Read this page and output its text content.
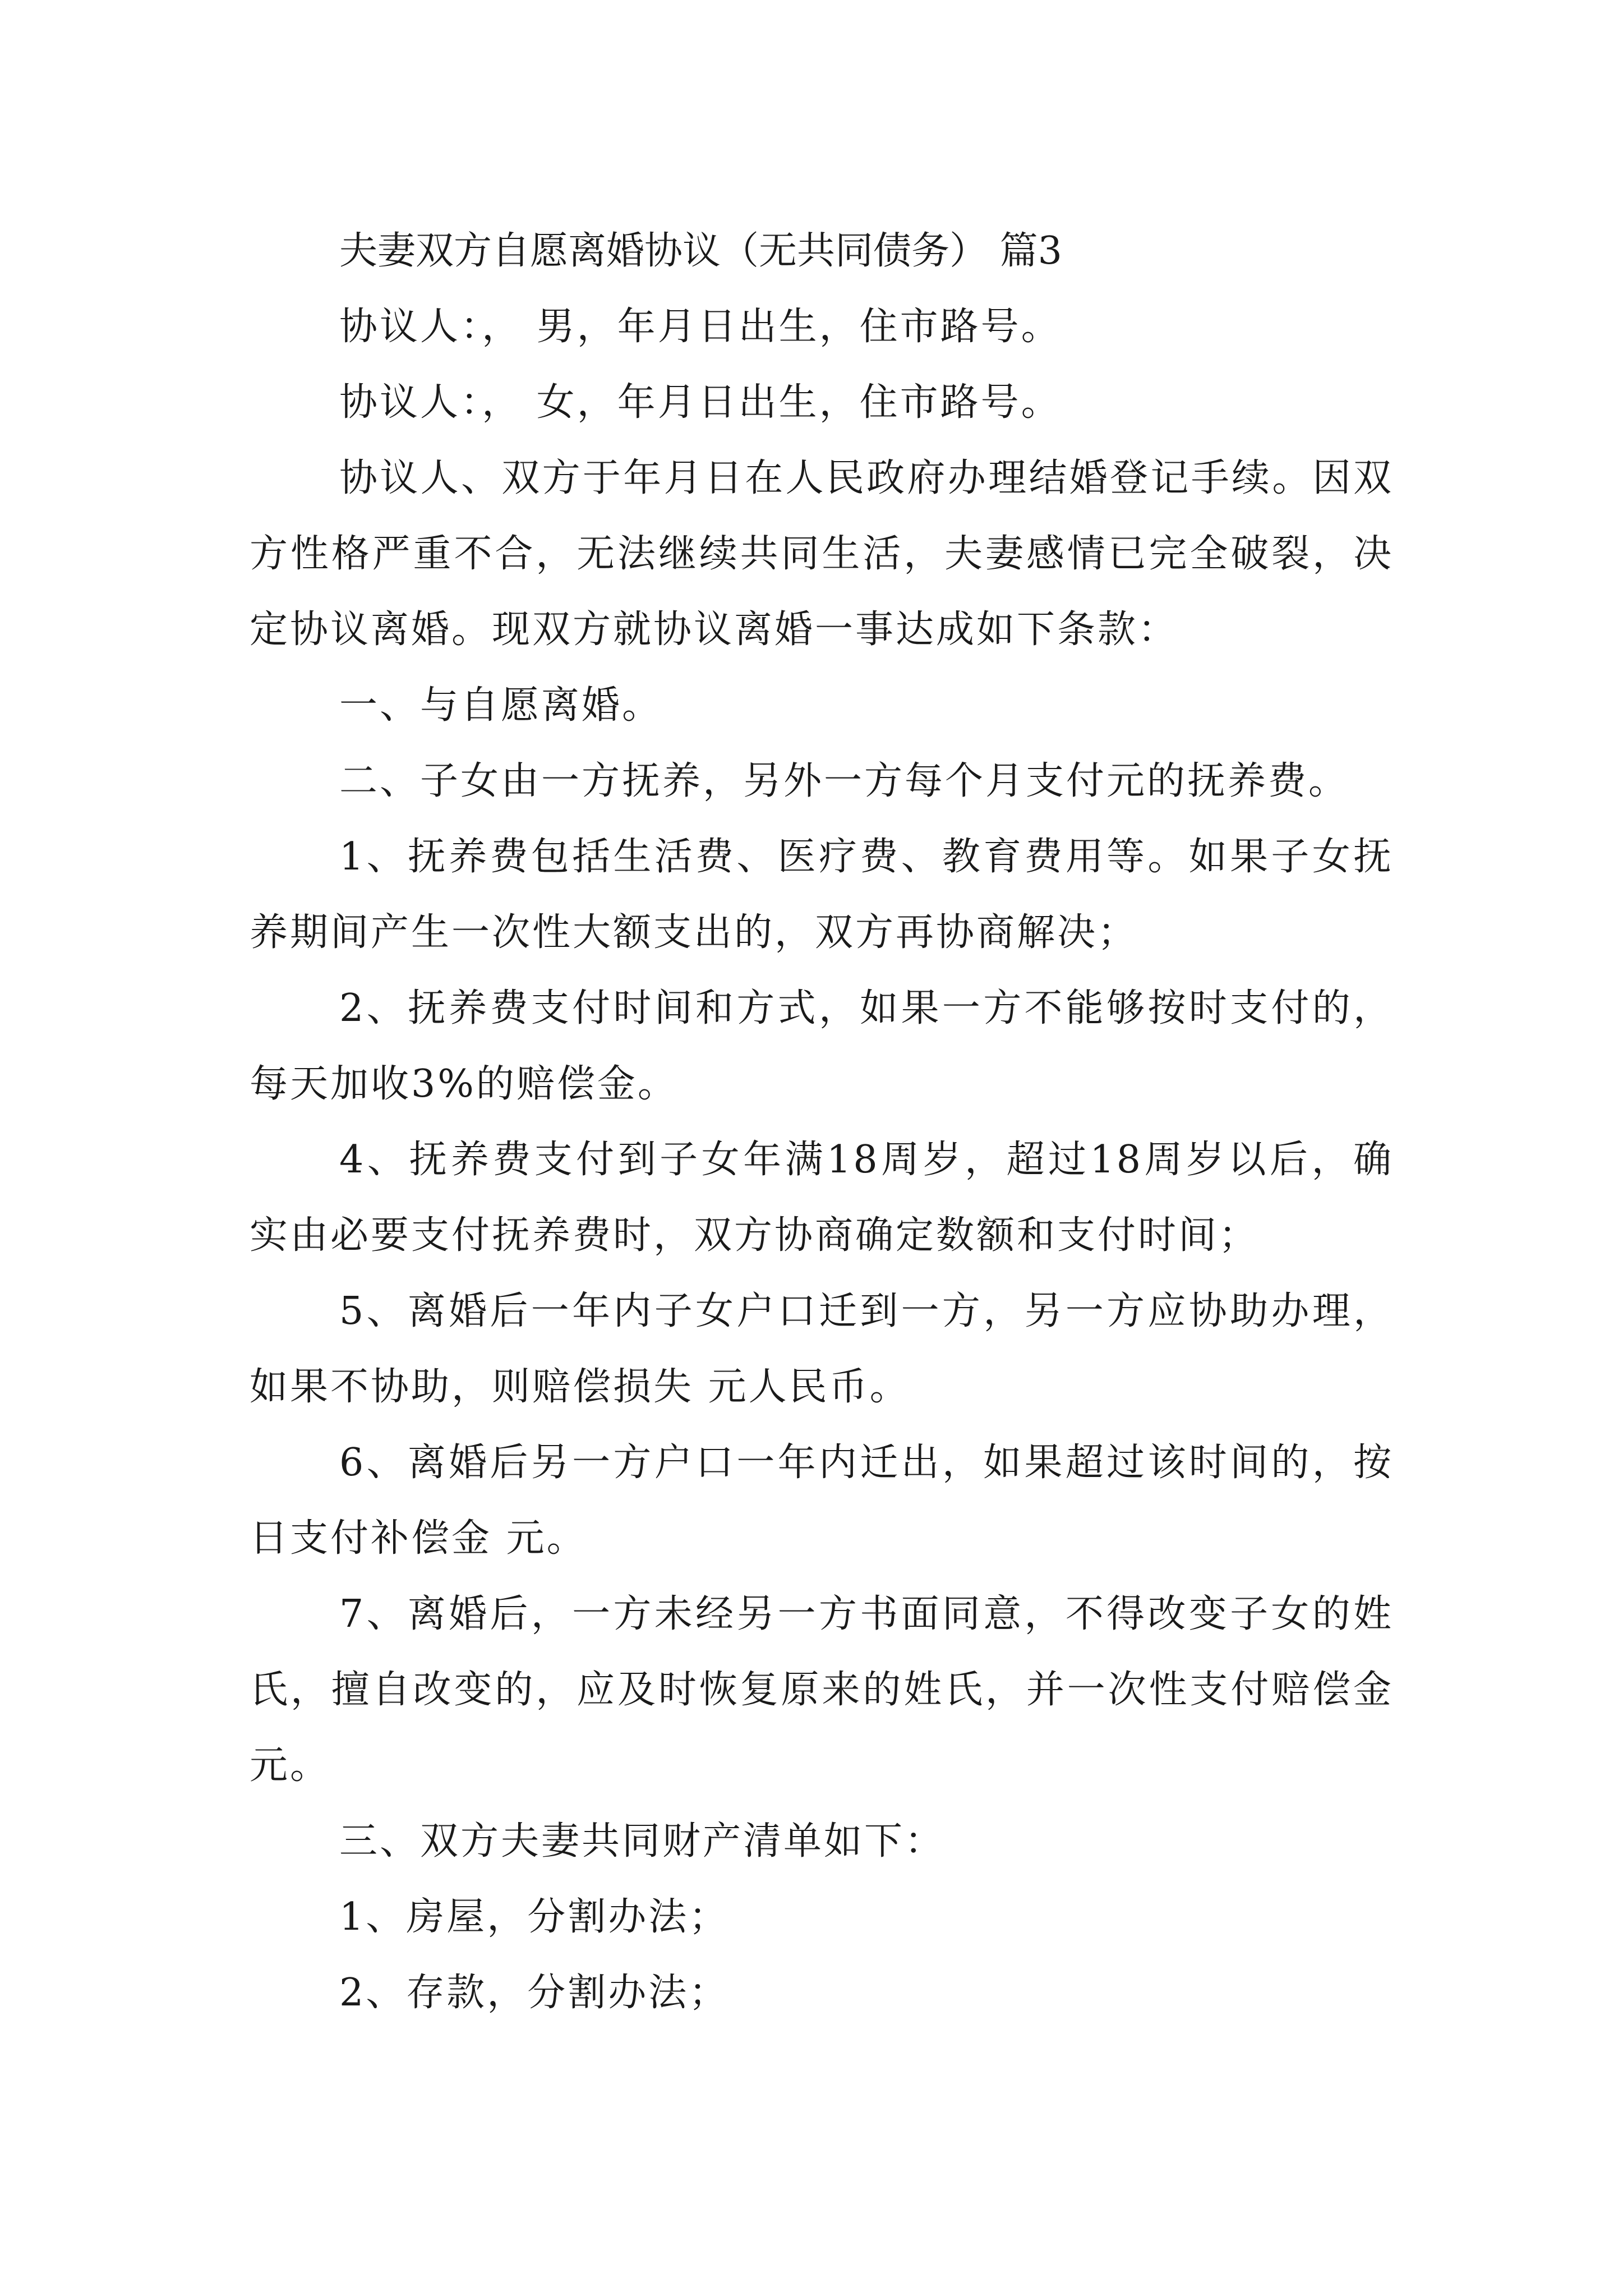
夫妻双方自愿离婚协议（无共同债务） 篇3

协议人：， 男，年月日出生，住市路号。

协议人：， 女，年月日出生，住市路号。

协议人、双方于年月日在人民政府办理结婚登记手续。因双方性格严重不合，无法继续共同生活，夫妻感情已完全破裂，决定协议离婚。现双方就协议离婚一事达成如下条款：

一、与自愿离婚。

二、子女由一方抚养，另外一方每个月支付元的抚养费。

1、抚养费包括生活费、医疗费、教育费用等。如果子女抚养期间产生一次性大额支出的，双方再协商解决；

2、抚养费支付时间和方式，如果一方不能够按时支付的，每天加收3%的赔偿金。

4、抚养费支付到子女年满18周岁，超过18周岁以后，确实由必要支付抚养费时，双方协商确定数额和支付时间；

5、离婚后一年内子女户口迁到一方，另一方应协助办理，如果不协助，则赔偿损失 元人民币。

6、离婚后另一方户口一年内迁出，如果超过该时间的，按日支付补偿金 元。

7、离婚后，一方未经另一方书面同意，不得改变子女的姓氏，擅自改变的，应及时恢复原来的姓氏，并一次性支付赔偿金 元。

三、双方夫妻共同财产清单如下：

1、房屋，分割办法；

2、存款，分割办法；
